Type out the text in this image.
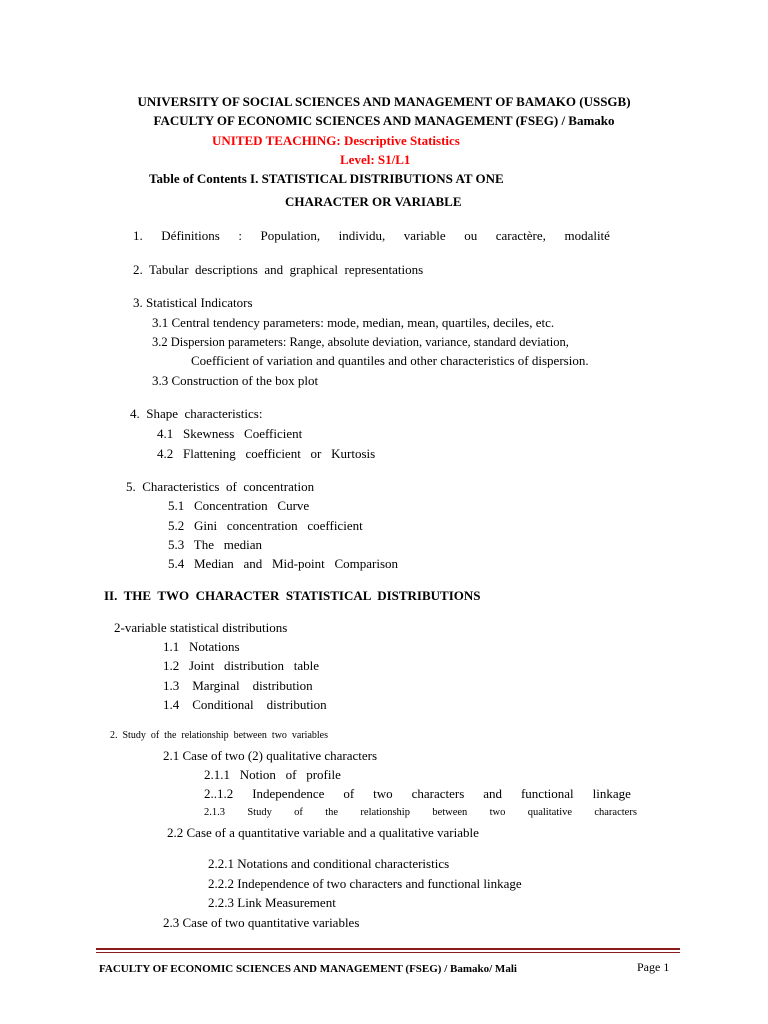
UNIVERSITY OF SOCIAL SCIENCES AND MANAGEMENT OF BAMAKO (USSGB)
FACULTY OF ECONOMIC SCIENCES AND MANAGEMENT (FSEG) / Bamako
UNITED TEACHING: Descriptive Statistics
Level: S1/L1
Table of Contents I. STATISTICAL DISTRIBUTIONS AT ONE
CHARACTER OR VARIABLE
1. Définitions : Population, individu, variable ou caractère, modalité
2.  Tabular  descriptions  and  graphical  representations
3. Statistical Indicators
3.1 Central tendency parameters: mode, median, mean, quartiles, deciles, etc.
3.2 Dispersion parameters: Range, absolute deviation, variance, standard deviation,
Coefficient of variation and quantiles and other characteristics of dispersion.
3.3 Construction of the box plot
4.  Shape  characteristics:
4.1   Skewness   Coefficient
4.2   Flattening   coefficient   or   Kurtosis
5.  Characteristics  of  concentration
5.1   Concentration   Curve
5.2   Gini   concentration   coefficient
5.3   The   median
5.4   Median   and   Mid-point   Comparison
II.  THE  TWO  CHARACTER  STATISTICAL  DISTRIBUTIONS
2-variable statistical distributions
1.1   Notations
1.2   Joint   distribution   table
1.3    Marginal    distribution
1.4    Conditional    distribution
2.  Study  of  the  relationship  between  two  variables
2.1 Case of two (2) qualitative characters
2.1.1   Notion   of   profile
2..1.2 Independence of two characters and functional linkage
2.1.3 Study of the relationship between two qualitative characters
2.2 Case of a quantitative variable and a qualitative variable
2.2.1 Notations and conditional characteristics
2.2.2 Independence of two characters and functional linkage
2.2.3 Link Measurement
2.3 Case of two quantitative variables
FACULTY OF ECONOMIC SCIENCES AND MANAGEMENT (FSEG) / Bamako/ Mali	Page 1
